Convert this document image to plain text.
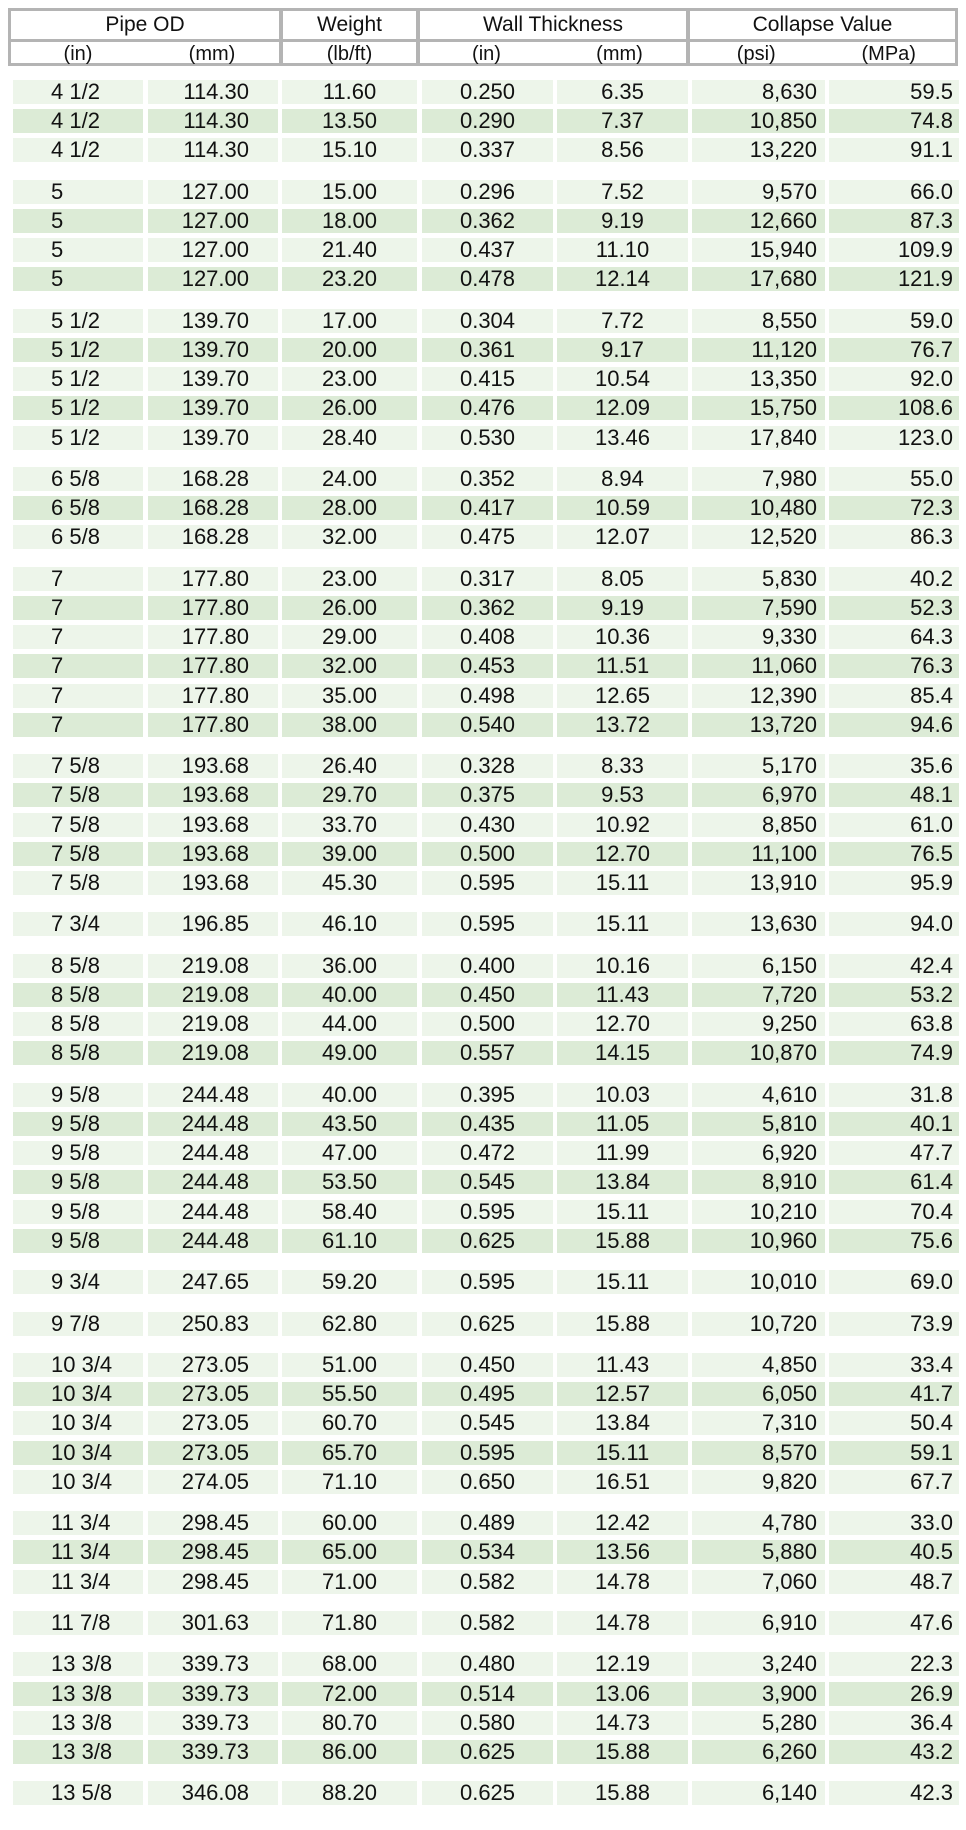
Pipe OD
(in)	(mm)
Weight
(lb/ft)
Wall Thickness
(in)	(mm)
Collapse Value
(psi)	(MPa)
4 1/2	114.30	11.60	0.250	6.35	8,630	59.5
4 1/2	114.30	13.50	0.290	7.37	10,850	74.8
4 1/2	114.30	15.10	0.337	8.56	13,220	91.1
5	127.00	15.00	0.296	7.52	9,570	66.0
5	127.00	18.00	0.362	9.19	12,660	87.3
5	127.00	21.40	0.437	11.10	15,940	109.9
5	127.00	23.20	0.478	12.14	17,680	121.9
5 1/2	139.70	17.00	0.304	7.72	8,550	59.0
5 1/2	139.70	20.00	0.361	9.17	11,120	76.7
5 1/2	139.70	23.00	0.415	10.54	13,350	92.0
5 1/2	139.70	26.00	0.476	12.09	15,750	108.6
5 1/2	139.70	28.40	0.530	13.46	17,840	123.0
6 5/8	168.28	24.00	0.352	8.94	7,980	55.0
6 5/8	168.28	28.00	0.417	10.59	10,480	72.3
6 5/8	168.28	32.00	0.475	12.07	12,520	86.3
7	177.80	23.00	0.317	8.05	5,830	40.2
7	177.80	26.00	0.362	9.19	7,590	52.3
7	177.80	29.00	0.408	10.36	9,330	64.3
7	177.80	32.00	0.453	11.51	11,060	76.3
7	177.80	35.00	0.498	12.65	12,390	85.4
7	177.80	38.00	0.540	13.72	13,720	94.6
7 5/8	193.68	26.40	0.328	8.33	5,170	35.6
7 5/8	193.68	29.70	0.375	9.53	6,970	48.1
7 5/8	193.68	33.70	0.430	10.92	8,850	61.0
7 5/8	193.68	39.00	0.500	12.70	11,100	76.5
7 5/8	193.68	45.30	0.595	15.11	13,910	95.9
7 3/4	196.85	46.10	0.595	15.11	13,630	94.0
8 5/8	219.08	36.00	0.400	10.16	6,150	42.4
8 5/8	219.08	40.00	0.450	11.43	7,720	53.2
8 5/8	219.08	44.00	0.500	12.70	9,250	63.8
8 5/8	219.08	49.00	0.557	14.15	10,870	74.9
9 5/8	244.48	40.00	0.395	10.03	4,610	31.8
9 5/8	244.48	43.50	0.435	11.05	5,810	40.1
9 5/8	244.48	47.00	0.472	11.99	6,920	47.7
9 5/8	244.48	53.50	0.545	13.84	8,910	61.4
9 5/8	244.48	58.40	0.595	15.11	10,210	70.4
9 5/8	244.48	61.10	0.625	15.88	10,960	75.6
9 3/4	247.65	59.20	0.595	15.11	10,010	69.0
9 7/8	250.83	62.80	0.625	15.88	10,720	73.9
10 3/4	273.05	51.00	0.450	11.43	4,850	33.4
10 3/4	273.05	55.50	0.495	12.57	6,050	41.7
10 3/4	273.05	60.70	0.545	13.84	7,310	50.4
10 3/4	273.05	65.70	0.595	15.11	8,570	59.1
10 3/4	274.05	71.10	0.650	16.51	9,820	67.7
11 3/4	298.45	60.00	0.489	12.42	4,780	33.0
11 3/4	298.45	65.00	0.534	13.56	5,880	40.5
11 3/4	298.45	71.00	0.582	14.78	7,060	48.7
11 7/8	301.63	71.80	0.582	14.78	6,910	47.6
13 3/8	339.73	68.00	0.480	12.19	3,240	22.3
13 3/8	339.73	72.00	0.514	13.06	3,900	26.9
13 3/8	339.73	80.70	0.580	14.73	5,280	36.4
13 3/8	339.73	86.00	0.625	15.88	6,260	43.2
13 5/8	346.08	88.20	0.625	15.88	6,140	42.3
